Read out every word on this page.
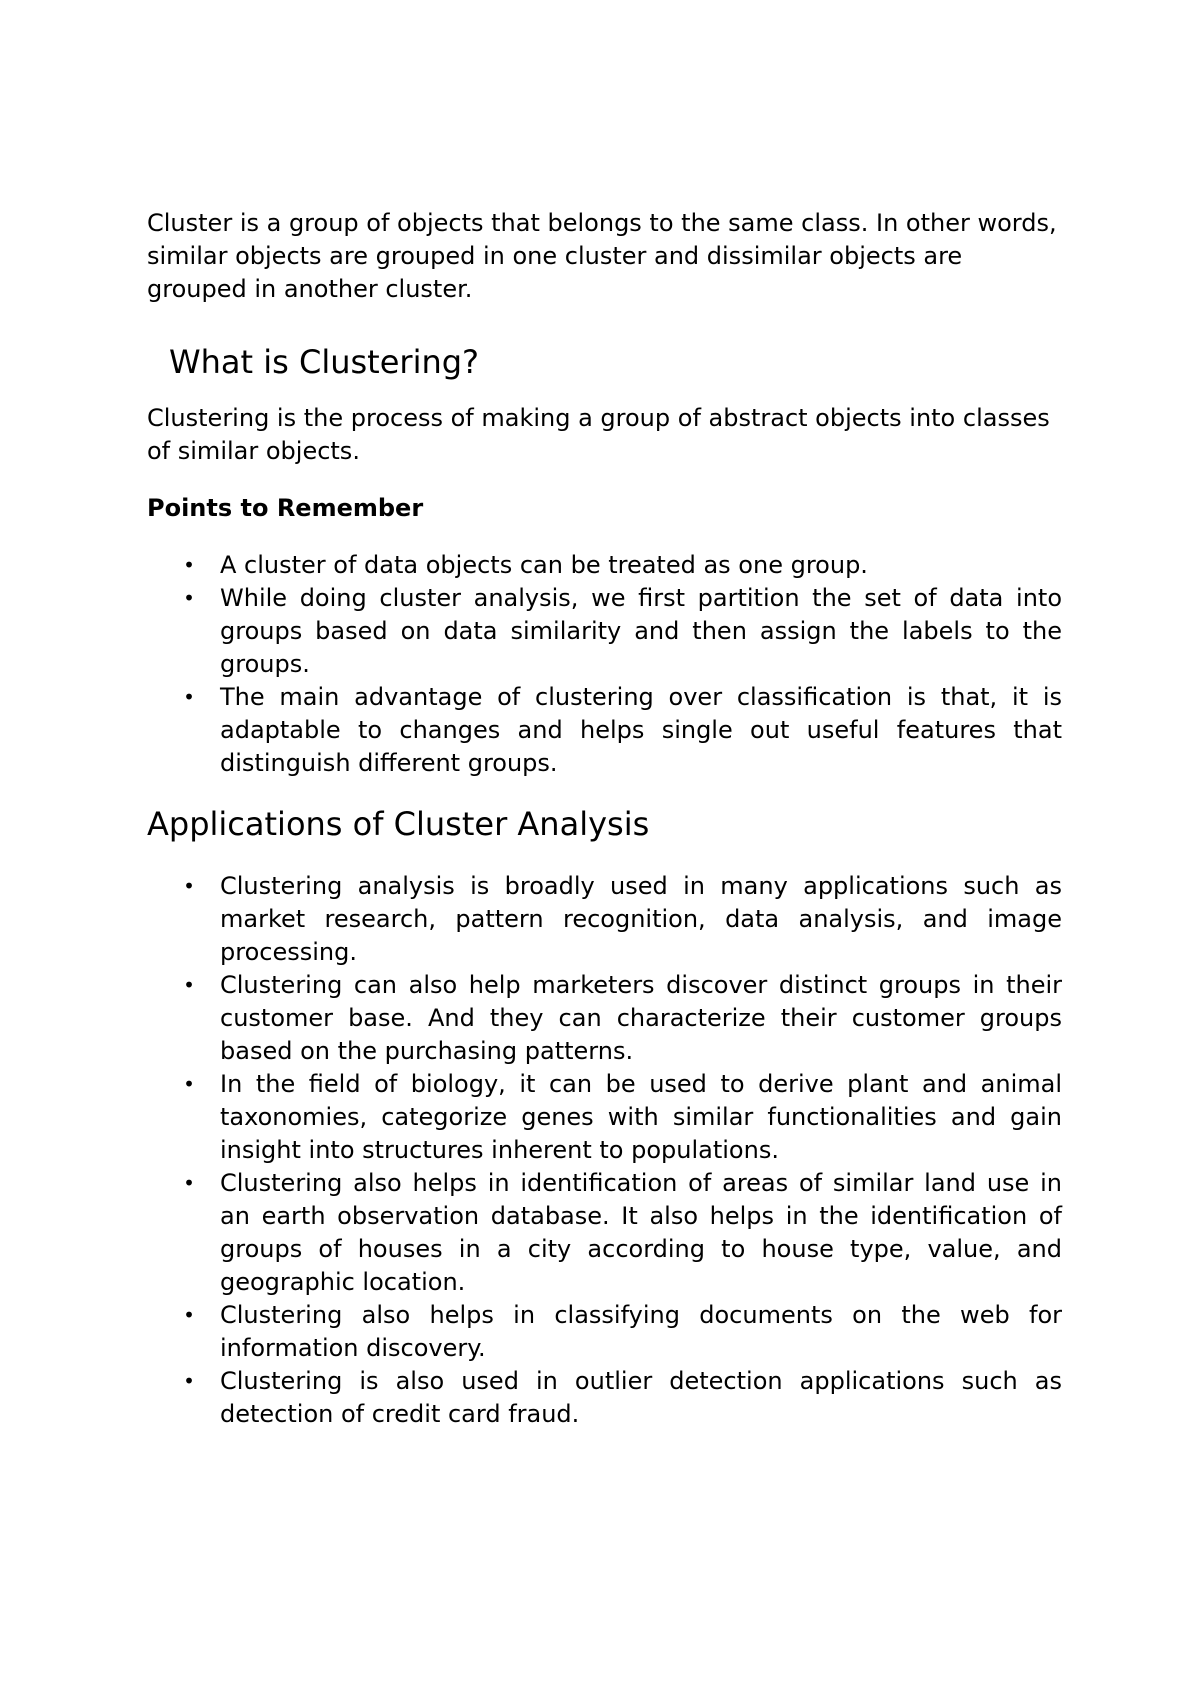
Cluster is a group of objects that belongs to the same class. In other words, similar objects are grouped in one cluster and dissimilar objects are grouped in another cluster.

What is Clustering?

Clustering is the process of making a group of abstract objects into classes of similar objects.

Points to Remember

• A cluster of data objects can be treated as one group.
• While doing cluster analysis, we first partition the set of data into groups based on data similarity and then assign the labels to the groups.
• The main advantage of clustering over classification is that, it is adaptable to changes and helps single out useful features that distinguish different groups.
Applications of Cluster Analysis
• Clustering analysis is broadly used in many applications such as market research, pattern recognition, data analysis, and image processing.
• Clustering can also help marketers discover distinct groups in their customer base. And they can characterize their customer groups based on the purchasing patterns.
• In the field of biology, it can be used to derive plant and animal taxonomies, categorize genes with similar functionalities and gain insight into structures inherent to populations.
• Clustering also helps in identification of areas of similar land use in an earth observation database. It also helps in the identification of groups of houses in a city according to house type, value, and geographic location.
• Clustering also helps in classifying documents on the web for information discovery.
• Clustering is also used in outlier detection applications such as detection of credit card fraud.
